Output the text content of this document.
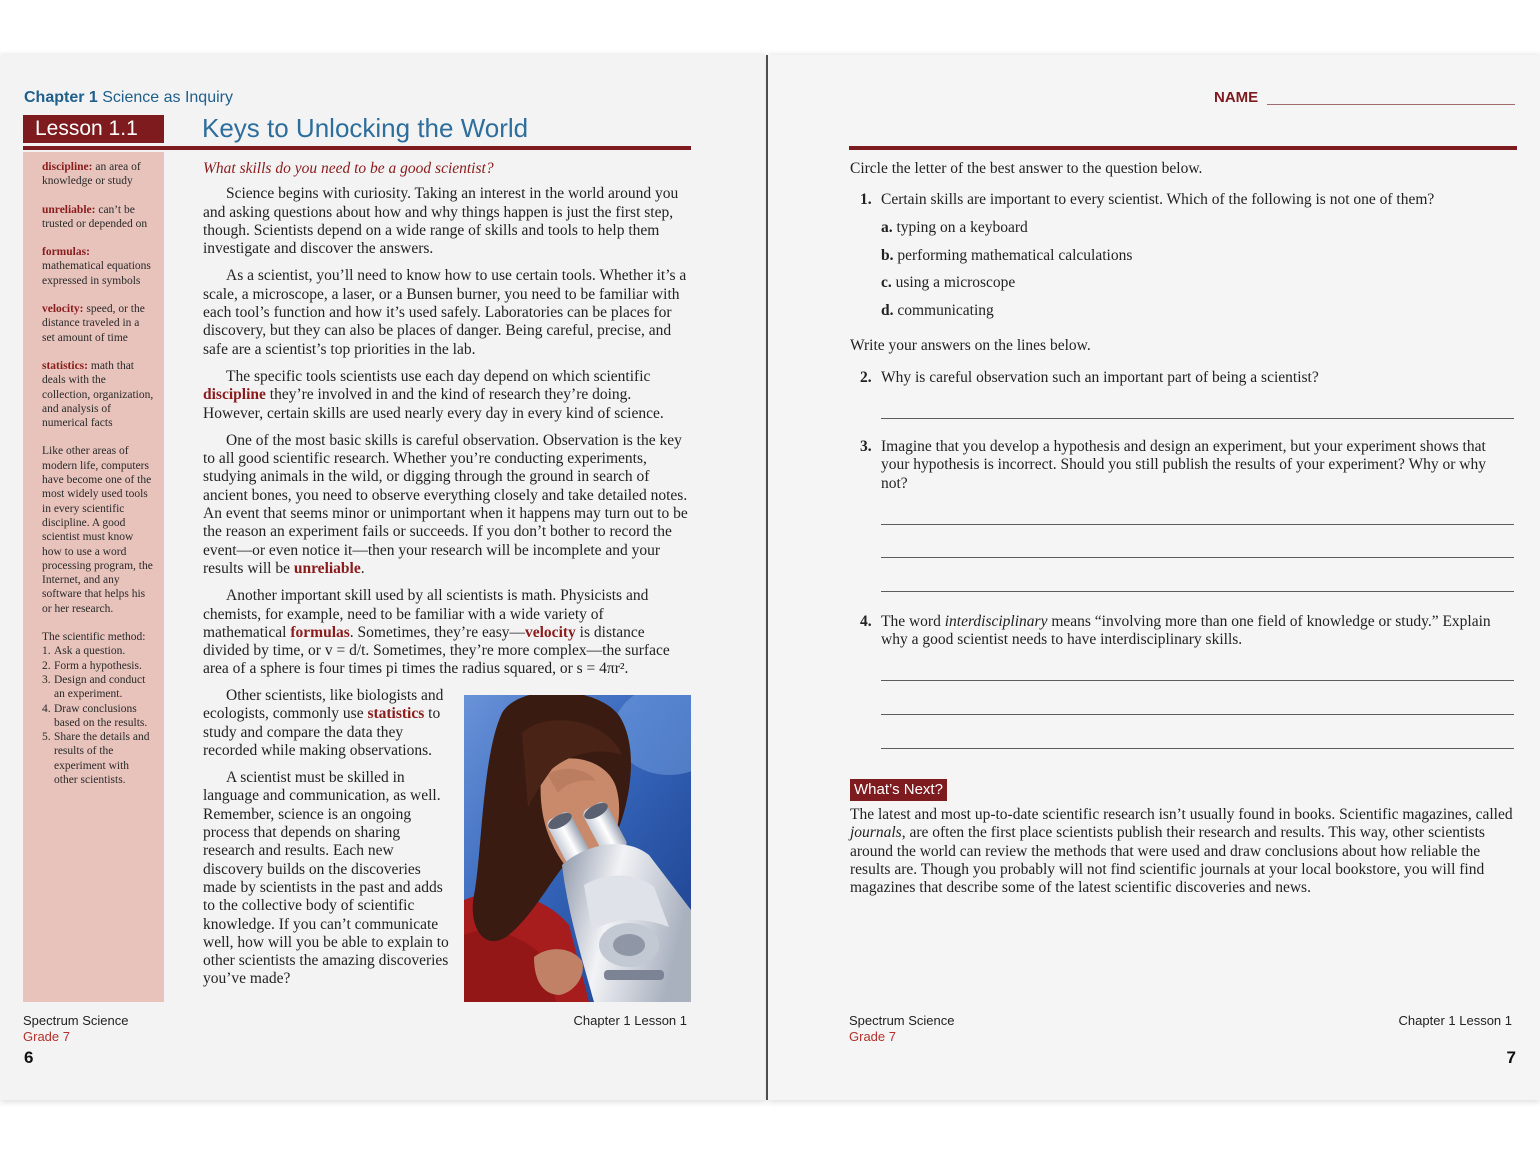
Chapter 1 Science as Inquiry
Lesson 1.1	Keys to Unlocking the World

discipline: an area of knowledge or study

unreliable: can’t be trusted or depended on

formulas: mathematical equations expressed in symbols

velocity: speed, or the distance traveled in a set amount of time

statistics: math that deals with the collection, organization, and analysis of numerical facts

Like other areas of modern life, computers have become one of the most widely used tools in every scientific discipline. A good scientist must know how to use a word processing program, the Internet, and any software that helps his or her research.

The scientific method:
1. Ask a question.
2. Form a hypothesis.
3. Design and conduct an experiment.
4. Draw conclusions based on the results.
5. Share the details and results of the experiment with other scientists.

What skills do you need to be a good scientist?

Science begins with curiosity. Taking an interest in the world around you and asking questions about how and why things happen is just the first step, though. Scientists depend on a wide range of skills and tools to help them investigate and discover the answers.

As a scientist, you’ll need to know how to use certain tools. Whether it’s a scale, a microscope, a laser, or a Bunsen burner, you need to be familiar with each tool’s function and how it’s used safely. Laboratories can be places for discovery, but they can also be places of danger. Being careful, precise, and safe are a scientist’s top priorities in the lab.

The specific tools scientists use each day depend on which scientific discipline they’re involved in and the kind of research they’re doing. However, certain skills are used nearly every day in every kind of science.

One of the most basic skills is careful observation. Observation is the key to all good scientific research. Whether you’re conducting experiments, studying animals in the wild, or digging through the ground in search of ancient bones, you need to observe everything closely and take detailed notes. An event that seems minor or unimportant when it happens may turn out to be the reason an experiment fails or succeeds. If you don’t bother to record the event—or even notice it—then your research will be incomplete and your results will be unreliable.

Another important skill used by all scientists is math. Physicists and chemists, for example, need to be familiar with a wide variety of mathematical formulas. Sometimes, they’re easy—velocity is distance divided by time, or v = d/t. Sometimes, they’re more complex—the surface area of a sphere is four times pi times the radius squared, or s = 4πr².

Other scientists, like biologists and ecologists, commonly use statistics to study and compare the data they recorded while making observations.

A scientist must be skilled in language and communication, as well. Remember, science is an ongoing process that depends on sharing research and results. Each new discovery builds on the discoveries made by scientists in the past and adds to the collective body of scientific knowledge. If you can’t communicate well, how will you be able to explain to other scientists the amazing discoveries you’ve made?

Spectrum Science
Grade 7
6
Chapter 1 Lesson 1
NAME
Circle the letter of the best answer to the question below.
1. Certain skills are important to every scientist. Which of the following is not one of them?
a. typing on a keyboard
b. performing mathematical calculations
c. using a microscope
d. communicating
Write your answers on the lines below.
2. Why is careful observation such an important part of being a scientist?
3. Imagine that you develop a hypothesis and design an experiment, but your experiment shows that your hypothesis is incorrect. Should you still publish the results of your experiment? Why or why not?
4. The word interdisciplinary means “involving more than one field of knowledge or study.” Explain why a good scientist needs to have interdisciplinary skills.
What’s Next?
The latest and most up-to-date scientific research isn’t usually found in books. Scientific magazines, called journals, are often the first place scientists publish their research and results. This way, other scientists around the world can review the methods that were used and draw conclusions about how reliable the results are. Though you probably will not find scientific journals at your local bookstore, you will find magazines that describe some of the latest scientific discoveries and news.
Spectrum Science
Grade 7
Chapter 1 Lesson 1
7
